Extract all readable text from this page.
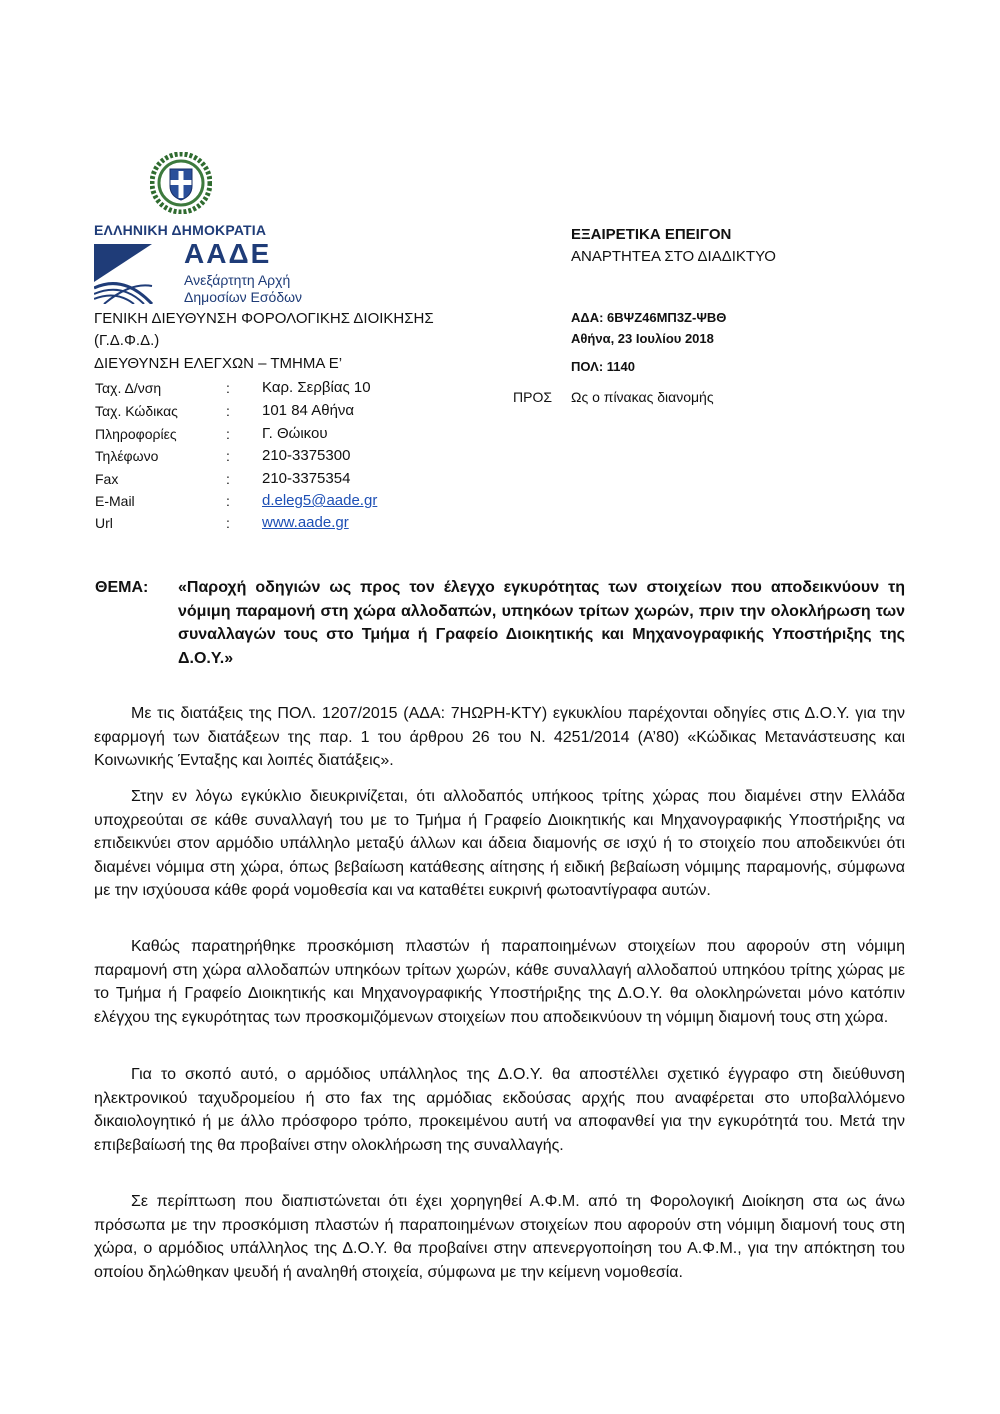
ΕΛΛΗΝΙΚΗ ΔΗΜΟΚΡΑΤΙΑ
ΑΑΔΕ
Ανεξάρτητη Αρχή
Δημοσίων Εσόδων
ΓΕΝΙΚΗ ΔΙΕΥΘΥΝΣΗ ΦΟΡΟΛΟΓΙΚΗΣ ΔΙΟΙΚΗΣΗΣ
(Γ.Δ.Φ.Δ.)
ΔΙΕΥΘΥΝΣΗ ΕΛΕΓΧΩΝ – ΤΜΗΜΑ Ε’
Ταχ. Δ/νση	: Καρ. Σερβίας 10
Ταχ. Κώδικας	: 101 84 Αθήνα
Πληροφορίες	: Γ. Θώικου
Τηλέφωνο	: 210-3375300
Fax	: 210-3375354
E-Mail	: d.eleg5@aade.gr
Url	: www.aade.gr
ΕΞΑΙΡΕΤΙΚΑ ΕΠΕΙΓΟΝ
ΑΝΑΡΤΗΤΕΑ ΣΤΟ ΔΙΑΔΙΚΤΥΟ
ΑΔΑ: 6ΒΨΖ46ΜΠ3Ζ-ΨΒΘ
Αθήνα, 23 Ιουλίου 2018
ΠΟΛ: 1140
ΠΡΟΣ Ως ο πίνακας διανομής
ΘΕΜΑ: «Παροχή οδηγιών ως προς τον έλεγχο εγκυρότητας των στοιχείων που αποδεικνύουν τη νόμιμη παραμονή στη χώρα αλλοδαπών, υπηκόων τρίτων χωρών, πριν την ολοκλήρωση των συναλλαγών τους στο Τμήμα ή Γραφείο Διοικητικής και Μηχανογραφικής Υποστήριξης της Δ.Ο.Υ.»

Με τις διατάξεις της ΠΟΛ. 1207/2015 (ΑΔΑ: 7ΗΩΡΗ-ΚΤΥ) εγκυκλίου παρέχονται οδηγίες στις Δ.Ο.Υ. για την εφαρμογή των διατάξεων της παρ. 1 του άρθρου 26 του Ν. 4251/2014 (Α’80) «Κώδικας Μετανάστευσης και Κοινωνικής Ένταξης και λοιπές διατάξεις».

Στην εν λόγω εγκύκλιο διευκρινίζεται, ότι αλλοδαπός υπήκοος τρίτης χώρας που διαμένει στην Ελλάδα υποχρεούται σε κάθε συναλλαγή του με το Τμήμα ή Γραφείο Διοικητικής και Μηχανογραφικής Υποστήριξης να επιδεικνύει στον αρμόδιο υπάλληλο μεταξύ άλλων και άδεια διαμονής σε ισχύ ή το στοιχείο που αποδεικνύει ότι διαμένει νόμιμα στη χώρα, όπως βεβαίωση κατάθεσης αίτησης ή ειδική βεβαίωση νόμιμης παραμονής, σύμφωνα με την ισχύουσα κάθε φορά νομοθεσία και να καταθέτει ευκρινή φωτοαντίγραφα αυτών.

Καθώς παρατηρήθηκε προσκόμιση πλαστών ή παραποιημένων στοιχείων που αφορούν στη νόμιμη παραμονή στη χώρα αλλοδαπών υπηκόων τρίτων χωρών, κάθε συναλλαγή αλλοδαπού υπηκόου τρίτης χώρας με το Τμήμα ή Γραφείο Διοικητικής και Μηχανογραφικής Υποστήριξης της Δ.Ο.Υ. θα ολοκληρώνεται μόνο κατόπιν ελέγχου της εγκυρότητας των προσκομιζόμενων στοιχείων που αποδεικνύουν τη νόμιμη διαμονή τους στη χώρα.

Για το σκοπό αυτό, ο αρμόδιος υπάλληλος της Δ.Ο.Υ. θα αποστέλλει σχετικό έγγραφο στη διεύθυνση ηλεκτρονικού ταχυδρομείου ή στο fax της αρμόδιας εκδούσας αρχής που αναφέρεται στο υποβαλλόμενο δικαιολογητικό ή με άλλο πρόσφορο τρόπο, προκειμένου αυτή να αποφανθεί για την εγκυρότητά του. Μετά την επιβεβαίωσή της θα προβαίνει στην ολοκλήρωση της συναλλαγής.

Σε περίπτωση που διαπιστώνεται ότι έχει χορηγηθεί Α.Φ.Μ. από τη Φορολογική Διοίκηση στα ως άνω πρόσωπα με την προσκόμιση πλαστών ή παραποιημένων στοιχείων που αφορούν στη νόμιμη διαμονή τους στη χώρα, ο αρμόδιος υπάλληλος της Δ.Ο.Υ. θα προβαίνει στην απενεργοποίηση του Α.Φ.Μ., για την απόκτηση του οποίου δηλώθηκαν ψευδή ή αναληθή στοιχεία, σύμφωνα με την κείμενη νομοθεσία.
